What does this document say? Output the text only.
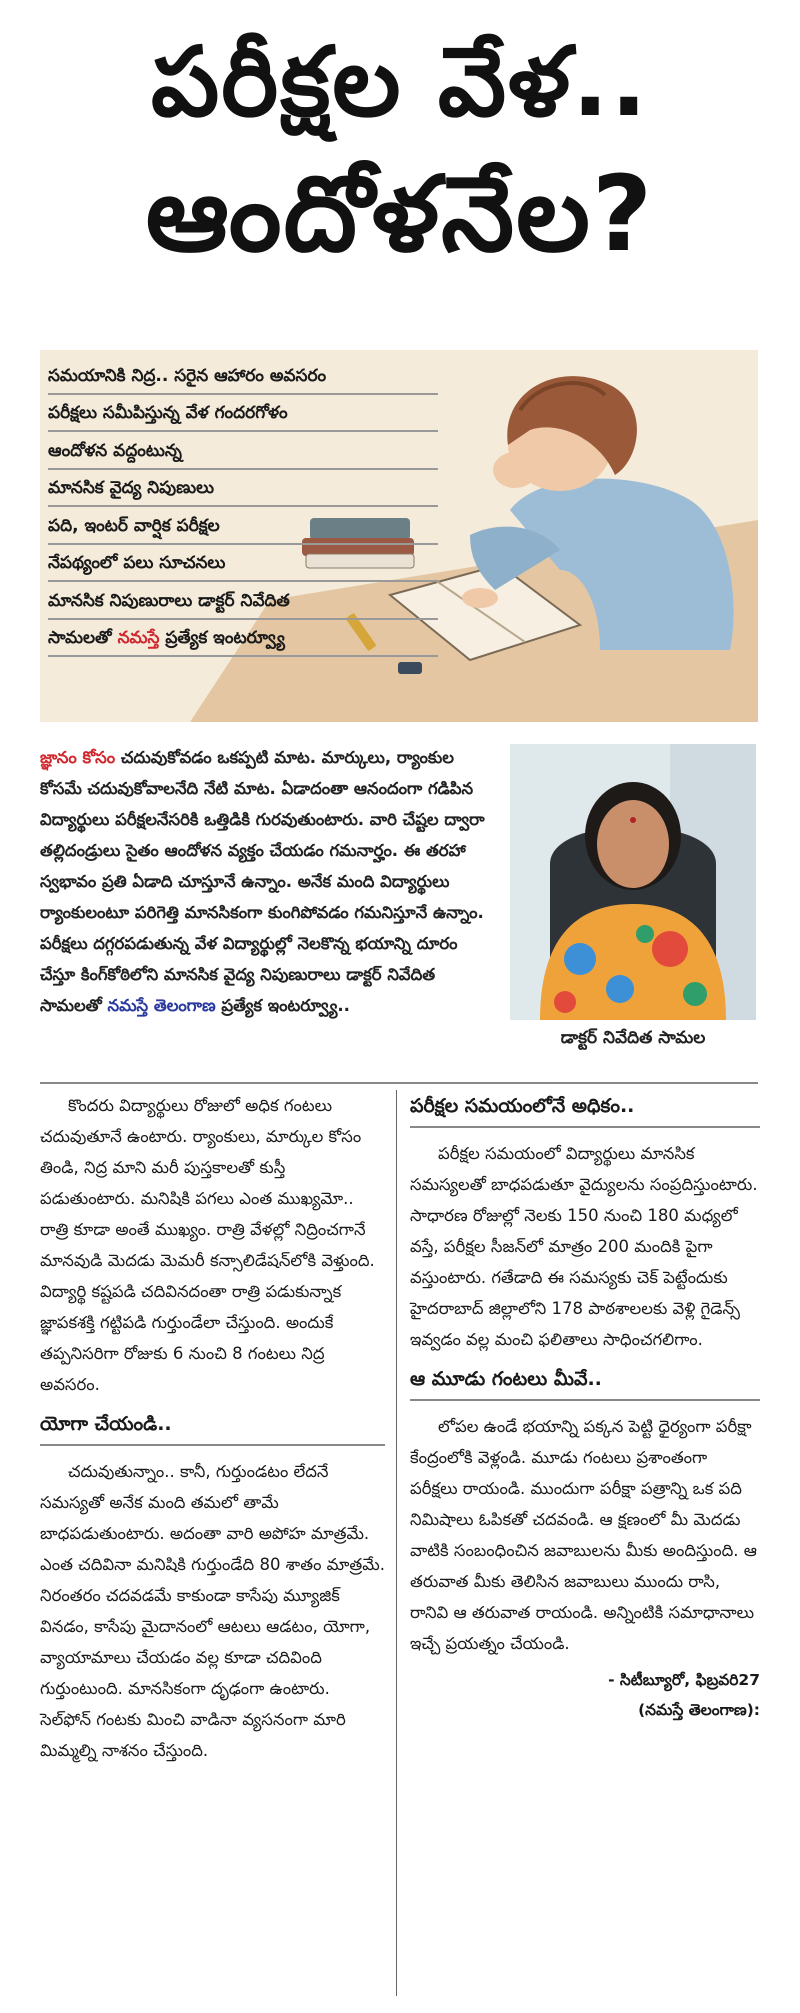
పరీక్షల వేళ..
ఆందోళనేల?
సమయానికి నిద్ర.. సరైన ఆహారం అవసరం
పరీక్షలు సమీపిస్తున్న వేళ గందరగోళం
ఆందోళన వద్దంటున్న
మానసిక వైద్య నిపుణులు
పది, ఇంటర్ వార్షిక పరీక్షల
నేపథ్యంలో పలు సూచనలు
మానసిక నిపుణురాలు డాక్టర్ నివేదిత
సామలతో నమస్తే ప్రత్యేక ఇంటర్వ్యూ

జ్ఞానం కోసం చదువుకోవడం ఒకప్పటి మాట. మార్కులు, ర్యాంకుల కోసమే చదువుకోవాలనేది నేటి మాట. ఏడాదంతా ఆనందంగా గడిపిన విద్యార్థులు పరీక్షలనేసరికి ఒత్తిడికి గురవుతుంటారు. వారి చేష్టల ద్వారా తల్లిదండ్రులు సైతం ఆందోళన వ్యక్తం చేయడం గమనార్హం. ఈ తరహా స్వభావం ప్రతి ఏడాది చూస్తూనే ఉన్నాం. అనేక మంది విద్యార్థులు ర్యాంకులంటూ పరిగెత్తి మానసికంగా కుంగిపోవడం గమనిస్తూనే ఉన్నాం. పరీక్షలు దగ్గరపడుతున్న వేళ విద్యార్థుల్లో నెలకొన్న భయాన్ని దూరం చేస్తూ కింగ్‌కోఠిలోని మానసిక వైద్య నిపుణురాలు డాక్టర్ నివేదిత సామలతో నమస్తే తెలంగాణ ప్రత్యేక ఇంటర్వ్యూ..

డాక్టర్ నివేదిత సామల

కొందరు విద్యార్థులు రోజులో అధిక గంటలు చదువుతూనే ఉంటారు. ర్యాంకులు, మార్కుల కోసం తిండి, నిద్ర మాని మరీ పుస్తకాలతో కుస్తీ పడుతుంటారు. మనిషికి పగలు ఎంత ముఖ్యమో.. రాత్రి కూడా అంతే ముఖ్యం. రాత్రి వేళల్లో నిద్రించగానే మానవుడి మెదడు మెమరీ కన్సాలిడేషన్‌లోకి వెళ్తుంది. విద్యార్థి కష్టపడి చదివినదంతా రాత్రి పడుకున్నాక జ్ఞాపకశక్తి గట్టిపడి గుర్తుండేలా చేస్తుంది. అందుకే తప్పనిసరిగా రోజుకు 6 నుంచి 8 గంటలు నిద్ర అవసరం.

యోగా చేయండి..

చదువుతున్నాం.. కానీ, గుర్తుండటం లేదనే సమస్యతో అనేక మంది తమలో తామే బాధపడుతుంటారు. అదంతా వారి అపోహ మాత్రమే. ఎంత చదివినా మనిషికి గుర్తుండేది 80 శాతం మాత్రమే. నిరంతరం చదవడమే కాకుండా కాసేపు మ్యూజిక్ వినడం, కాసేపు మైదానంలో ఆటలు ఆడటం, యోగా, వ్యాయామాలు చేయడం వల్ల కూడా చదివింది గుర్తుంటుంది. మానసికంగా దృఢంగా ఉంటారు. సెల్‌ఫోన్ గంటకు మించి వాడినా వ్యసనంగా మారి మిమ్మల్ని నాశనం చేస్తుంది.

పరీక్షల సమయంలోనే అధికం..

పరీక్షల సమయంలో విద్యార్థులు మానసిక సమస్యలతో బాధపడుతూ వైద్యులను సంప్రదిస్తుంటారు. సాధారణ రోజుల్లో నెలకు 150 నుంచి 180 మధ్యలో వస్తే, పరీక్షల సీజన్‌లో మాత్రం 200 మందికి పైగా వస్తుంటారు. గతేడాది ఈ సమస్యకు చెక్ పెట్టేందుకు హైదరాబాద్ జిల్లాలోని 178 పాఠశాలలకు వెళ్లి గైడెన్స్ ఇవ్వడం వల్ల మంచి ఫలితాలు సాధించగలిగాం.

ఆ మూడు గంటలు మీవే..

లోపల ఉండే భయాన్ని పక్కన పెట్టి ధైర్యంగా పరీక్షా కేంద్రంలోకి వెళ్లండి. మూడు గంటలు ప్రశాంతంగా పరీక్షలు రాయండి. ముందుగా పరీక్షా పత్రాన్ని ఒక పది నిమిషాలు ఓపికతో చదవండి. ఆ క్షణంలో మీ మెదడు వాటికి సంబంధించిన జవాబులను మీకు అందిస్తుంది. ఆ తరువాత మీకు తెలిసిన జవాబులు ముందు రాసి, రానివి ఆ తరువాత రాయండి. అన్నింటికి సమాధానాలు ఇచ్చే ప్రయత్నం చేయండి.

- సిటీబ్యూరో, ఫిబ్రవరి27
(నమస్తే తెలంగాణ):
